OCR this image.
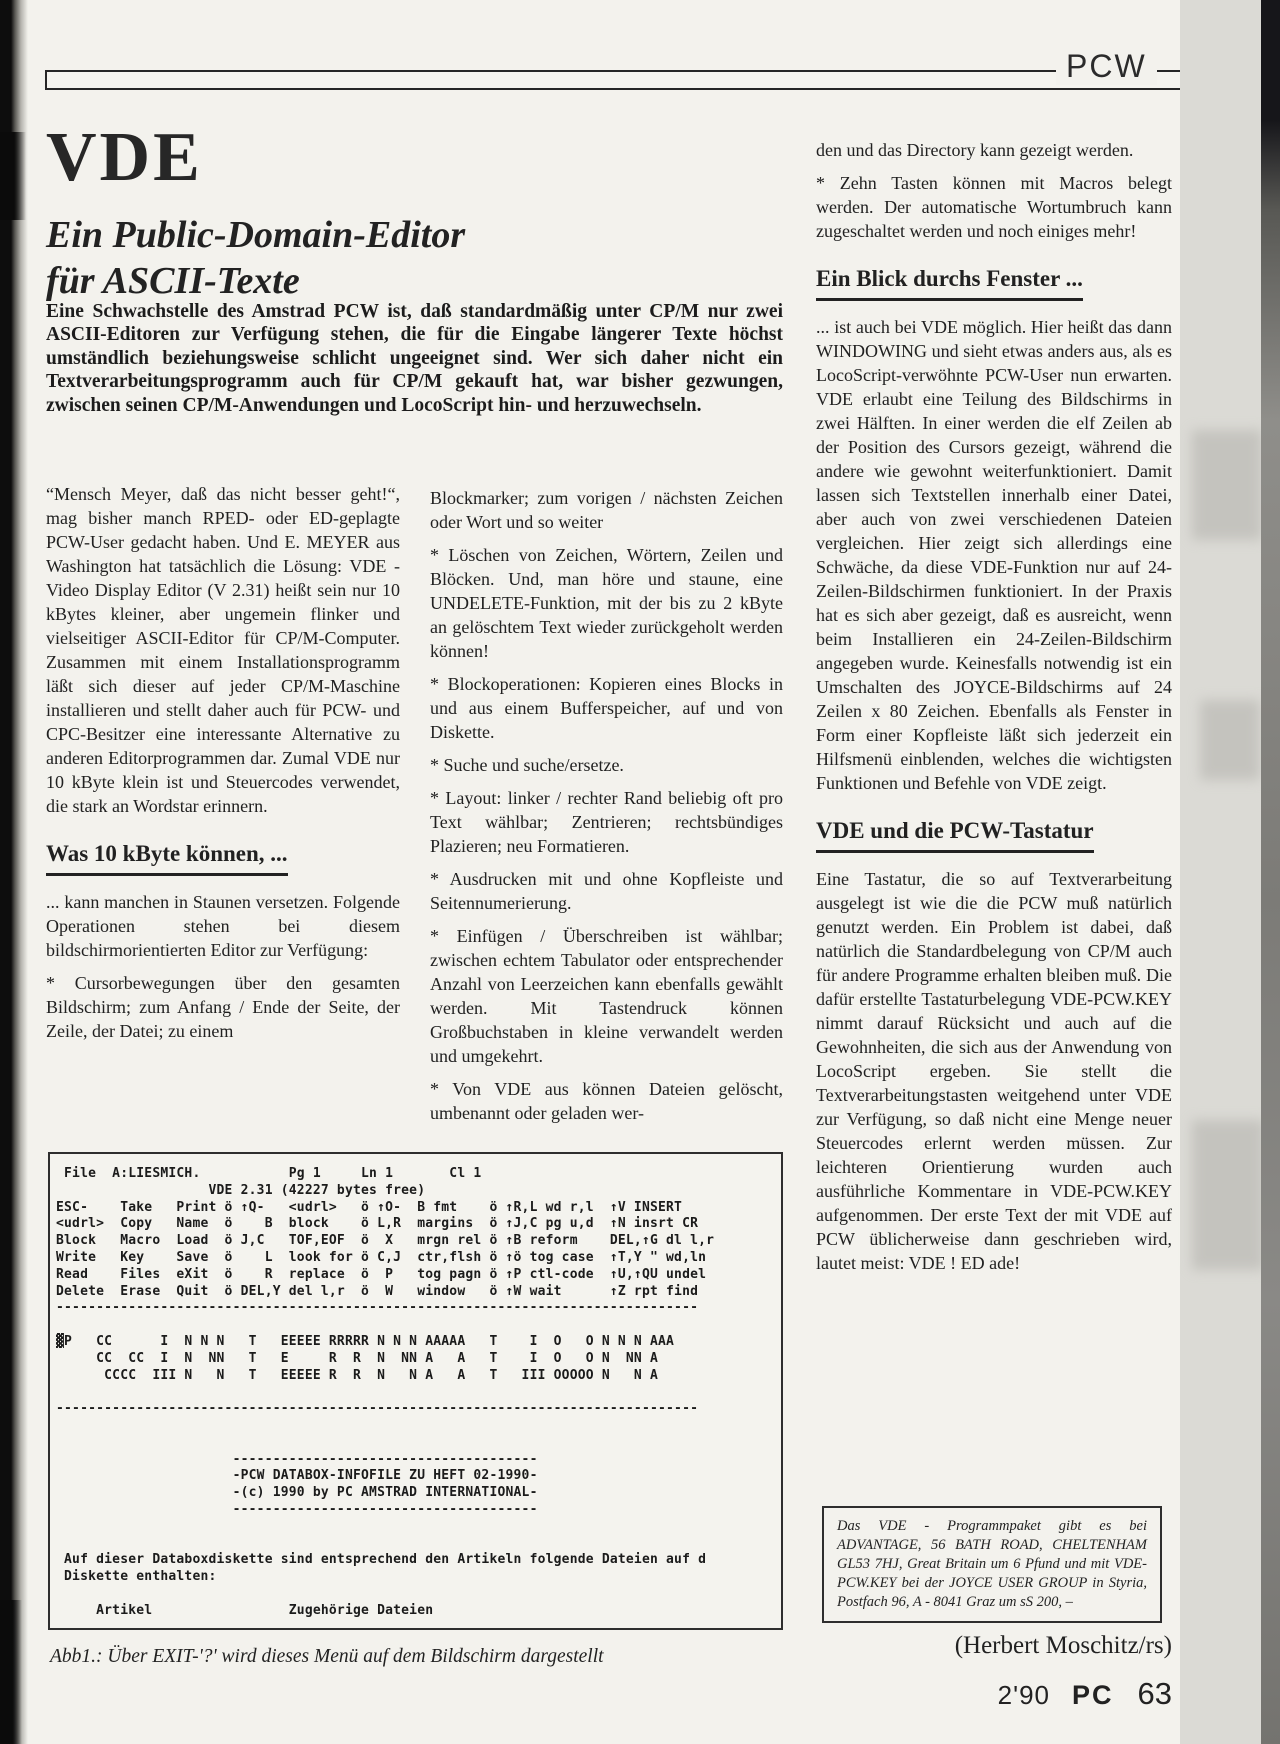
PCW
VDE
Ein Public-Domain-Editor
für ASCII-Texte

Eine Schwachstelle des Amstrad PCW ist, daß standardmäßig unter CP/M nur zwei ASCII-Editoren zur Verfügung stehen, die für die Eingabe längerer Texte höchst umständlich beziehungsweise schlicht ungeeignet sind. Wer sich daher nicht ein Textverarbeitungsprogramm auch für CP/M gekauft hat, war bisher gezwungen, zwischen seinen CP/M-Anwendungen und LocoScript hin- und herzuwechseln.

“Mensch Meyer, daß das nicht besser geht!“, mag bisher manch RPED- oder ED-geplagte PCW-User gedacht haben. Und E. MEYER aus Washington hat tatsächlich die Lösung: VDE - Video Display Editor (V 2.31) heißt sein nur 10 kBytes kleiner, aber ungemein flinker und vielseitiger ASCII-Editor für CP/M-Computer. Zusammen mit einem Installationsprogramm läßt sich dieser auf jeder CP/M-Maschine installieren und stellt daher auch für PCW- und CPC-Besitzer eine interessante Alternative zu anderen Editorprogrammen dar. Zumal VDE nur 10 kByte klein ist und Steuercodes verwendet, die stark an Wordstar erinnern.

Was 10 kByte können, ...

... kann manchen in Staunen versetzen. Folgende Operationen stehen bei diesem bildschirmorientierten Editor zur Verfügung:

* Cursorbewegungen über den gesamten Bildschirm; zum Anfang / Ende der Seite, der Zeile, der Datei; zu einem

Blockmarker; zum vorigen / nächsten Zeichen oder Wort und so weiter

* Löschen von Zeichen, Wörtern, Zeilen und Blöcken. Und, man höre und staune, eine UNDELETE-Funktion, mit der bis zu 2 kByte an gelöschtem Text wieder zurückgeholt werden können!

* Blockoperationen: Kopieren eines Blocks in und aus einem Bufferspeicher, auf und von Diskette.

* Suche und suche/ersetze.

* Layout: linker / rechter Rand beliebig oft pro Text wählbar; Zentrieren; rechtsbündiges Plazieren; neu Formatieren.

* Ausdrucken mit und ohne Kopfleiste und Seitennumerierung.

* Einfügen / Überschreiben ist wählbar; zwischen echtem Tabulator oder entsprechender Anzahl von Leerzeichen kann ebenfalls gewählt werden. Mit Tastendruck können Großbuchstaben in kleine verwandelt werden und umgekehrt.

* Von VDE aus können Dateien gelöscht, umbenannt oder geladen wer-

den und das Directory kann gezeigt werden.

* Zehn Tasten können mit Macros belegt werden. Der automatische Wortumbruch kann zugeschaltet werden und noch einiges mehr!

Ein Blick durchs Fenster ...

... ist auch bei VDE möglich. Hier heißt das dann WINDOWING und sieht etwas anders aus, als es LocoScript-verwöhnte PCW-User nun erwarten. VDE erlaubt eine Teilung des Bildschirms in zwei Hälften. In einer werden die elf Zeilen ab der Position des Cursors gezeigt, während die andere wie gewohnt weiterfunktioniert. Damit lassen sich Textstellen innerhalb einer Datei, aber auch von zwei verschiedenen Dateien vergleichen. Hier zeigt sich allerdings eine Schwäche, da diese VDE-Funktion nur auf 24-Zeilen-Bildschirmen funktioniert. In der Praxis hat es sich aber gezeigt, daß es ausreicht, wenn beim Installieren ein 24-Zeilen-Bildschirm angegeben wurde. Keinesfalls notwendig ist ein Umschalten des JOYCE-Bildschirms auf 24 Zeilen x 80 Zeichen. Ebenfalls als Fenster in Form einer Kopfleiste läßt sich jederzeit ein Hilfsmenü einblenden, welches die wichtigsten Funktionen und Befehle von VDE zeigt.

VDE und die PCW-Tastatur

Eine Tastatur, die so auf Textverarbeitung ausgelegt ist wie die die PCW muß natürlich genutzt werden. Ein Problem ist dabei, daß natürlich die Standardbelegung von CP/M auch für andere Programme erhalten bleiben muß. Die dafür erstellte Tastaturbelegung VDE-PCW.KEY nimmt darauf Rücksicht und auch auf die Gewohnheiten, die sich aus der Anwendung von LocoScript ergeben. Sie stellt die Textverarbeitungstasten weitgehend unter VDE zur Verfügung, so daß nicht eine Menge neuer Steuercodes erlernt werden müssen. Zur leichteren Orientierung wurden auch ausführliche Kommentare in VDE-PCW.KEY aufgenommen. Der erste Text der mit VDE auf PCW üblicherweise dann geschrieben wird, lautet meist: VDE ! ED ade!

Das VDE - Programmpaket gibt es bei ADVANTAGE, 56 BATH ROAD, CHELTENHAM GL53 7HJ, Great Britain um 6 Pfund und mit VDE-PCW.KEY bei der JOYCE USER GROUP in Styria, Postfach 96, A - 8041 Graz um sS 200, –
(Herbert Moschitz/rs)
File  A:LIESMICH.           Pg 1     Ln 1       Cl 1
VDE 2.31 (42227 bytes free)
ESC-    Take   Print ö ↑Q-   <udrl>   ö ↑O-  B fmt    ö ↑R,L wd r,l  ↑V INSERT
<udrl>  Copy   Name  ö    B  block    ö L,R  margins  ö ↑J,C pg u,d  ↑N insrt CR
Block   Macro  Load  ö J,C   TOF,EOF  ö  X   mrgn rel ö ↑B reform    DEL,↑G dl l,r
Write   Key    Save  ö    L  look for ö C,J  ctr,flsh ö ↑ö tog case  ↑T,Y " wd,ln
Read    Files  eXit  ö    R  replace  ö  P   tog pagn ö ↑P ctl-code  ↑U,↑QU undel
Delete  Erase  Quit  ö DEL,Y del l,r  ö  W   window   ö ↑W wait      ↑Z rpt find
--------------------------------------------------------------------------------
▓P   CC      I  N N N   T   EEEEE RRRRR N N N AAAAA   T    I  O   O N N N AAA
CC  CC  I  N  NN   T   E     R  R  N  NN A   A   T    I  O   O N  NN A
CCCC  III N   N   T   EEEEE R  R  N   N A   A   T   III OOOOO N   N A
--------------------------------------------------------------------------------
--------------------------------------
-PCW DATABOX-INFOFILE ZU HEFT 02-1990-
-(c) 1990 by PC AMSTRAD INTERNATIONAL-
--------------------------------------
Auf dieser Databoxdiskette sind entsprechend den Artikeln folgende Dateien auf d
Diskette enthalten:
Artikel                 Zugehörige Dateien
Abb1.: Über EXIT-'?' wird dieses Menü auf dem Bildschirm dargestellt
2'90 PC 63
